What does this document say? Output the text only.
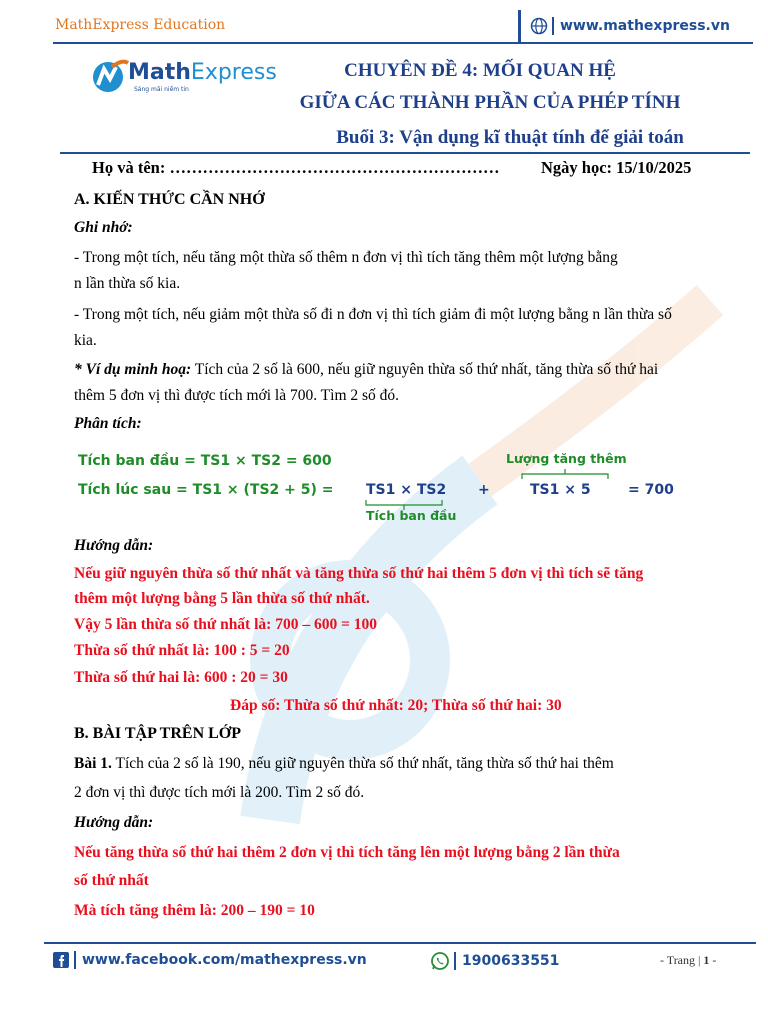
MathExpress Education	www.mathexpress.vn
MathExpress
Sáng mãi niềm tin
CHUYÊN ĐỀ 4: MỐI QUAN HỆ
GIỮA CÁC THÀNH PHẦN CỦA PHÉP TÍNH
Buổi 3: Vận dụng kĩ thuật tính để giải toán
Họ và tên: ……………………………………………………	Ngày học: 15/10/2025
A. KIẾN THỨC CẦN NHỚ
Ghi nhớ:
- Trong một tích, nếu tăng một thừa số thêm n đơn vị thì tích tăng thêm một lượng bằng
n lần thừa số kia.
- Trong một tích, nếu giảm một thừa số đi n đơn vị thì tích giảm đi một lượng bằng n lần thừa số
kia.
* Ví dụ minh hoạ: Tích của 2 số là 600, nếu giữ nguyên thừa số thứ nhất, tăng thừa số thứ hai
thêm 5 đơn vị thì được tích mới là 700. Tìm 2 số đó.
Phân tích:
Tích ban đầu = TS1 × TS2 = 600	Lượng tăng thêm
Tích lúc sau = TS1 × (TS2 + 5) = TS1 × TS2 +	TS1 × 5	= 700
Tích ban đầu
Hướng dẫn:
Nếu giữ nguyên thừa số thứ nhất và tăng thừa số thứ hai thêm 5 đơn vị thì tích sẽ tăng
thêm một lượng bằng 5 lần thừa số thứ nhất.
Vậy 5 lần thừa số thứ nhất là: 700 – 600 = 100
Thừa số thứ nhất là: 100 : 5 = 20
Thừa số thứ hai là: 600 : 20 = 30
Đáp số: Thừa số thứ nhất: 20; Thừa số thứ hai: 30
B. BÀI TẬP TRÊN LỚP
Bài 1. Tích của 2 số là 190, nếu giữ nguyên thừa số thứ nhất, tăng thừa số thứ hai thêm
2 đơn vị thì được tích mới là 200. Tìm 2 số đó.
Hướng dẫn:
Nếu tăng thừa số thứ hai thêm 2 đơn vị thì tích tăng lên một lượng bằng 2 lần thừa
số thứ nhất
Mà tích tăng thêm là: 200 – 190 = 10
www.facebook.com/mathexpress.vn	1900633551	- Trang | 1 -
